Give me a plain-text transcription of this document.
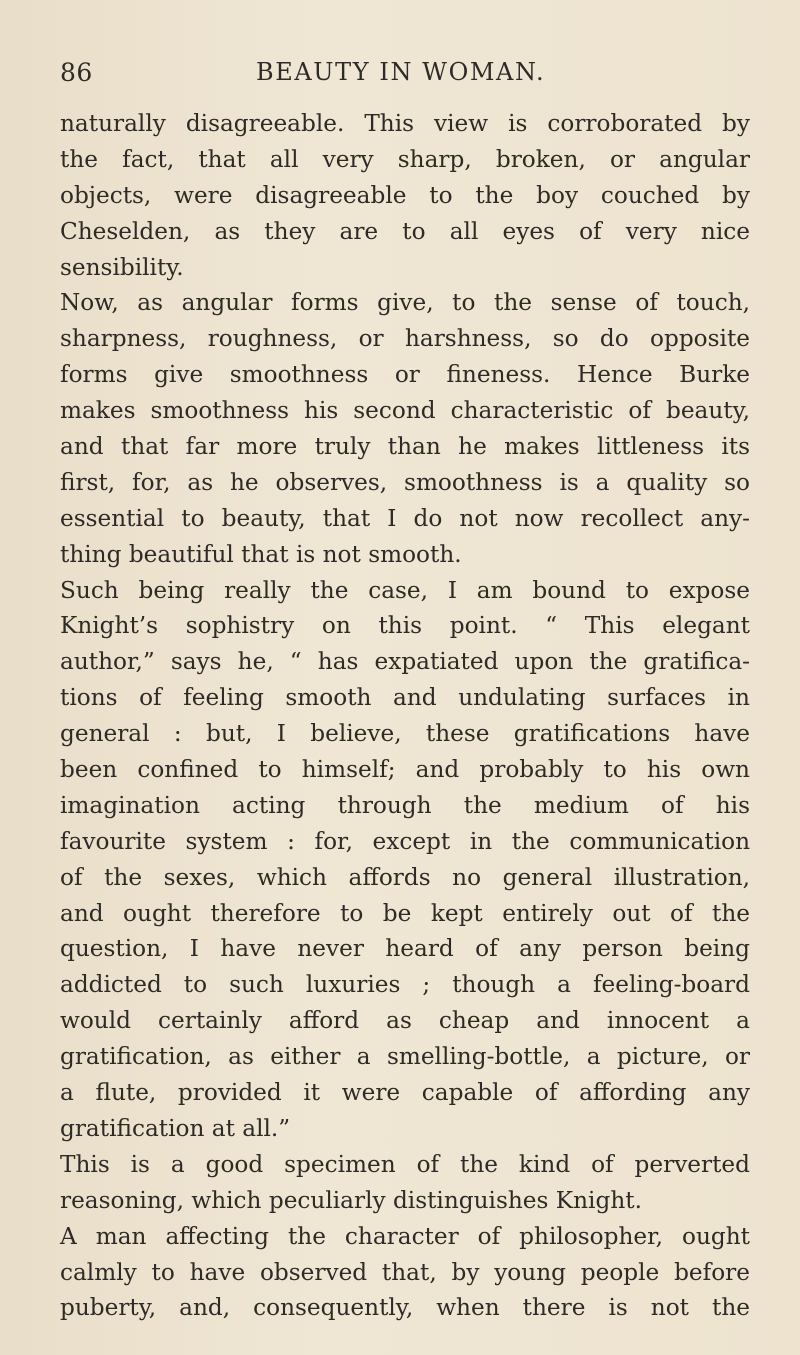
86	BEAUTY IN WOMAN.
naturally disagreeable. This view is corroborated by
the fact, that all very sharp, broken, or angular
objects, were disagreeable to the boy couched by
Cheselden, as they are to all eyes of very nice
sensibility.
Now, as angular forms give, to the sense of touch,
sharpness, roughness, or harshness, so do opposite
forms give smoothness or fineness. Hence Burke
makes smoothness his second characteristic of beauty,
and that far more truly than he makes littleness its
first, for, as he observes, smoothness is a quality so
essential to beauty, that I do not now recollect any-
thing beautiful that is not smooth.
Such being really the case, I am bound to expose
Knight’s sophistry on this point. “ This elegant
author,” says he, “ has expatiated upon the gratifica-
tions of feeling smooth and undulating surfaces in
general : but, I believe, these gratifications have
been confined to himself; and probably to his own
imagination acting through the medium of his
favourite system : for, except in the communication
of the sexes, which affords no general illustration,
and ought therefore to be kept entirely out of the
question, I have never heard of any person being
addicted to such luxuries ; though a feeling-board
would certainly afford as cheap and innocent a
gratification, as either a smelling-bottle, a picture, or
a flute, provided it were capable of affording any
gratification at all.”
This is a good specimen of the kind of perverted
reasoning, which peculiarly distinguishes Knight.
A man affecting the character of philosopher, ought
calmly to have observed that, by young people before
puberty, and, consequently, when there is not the
